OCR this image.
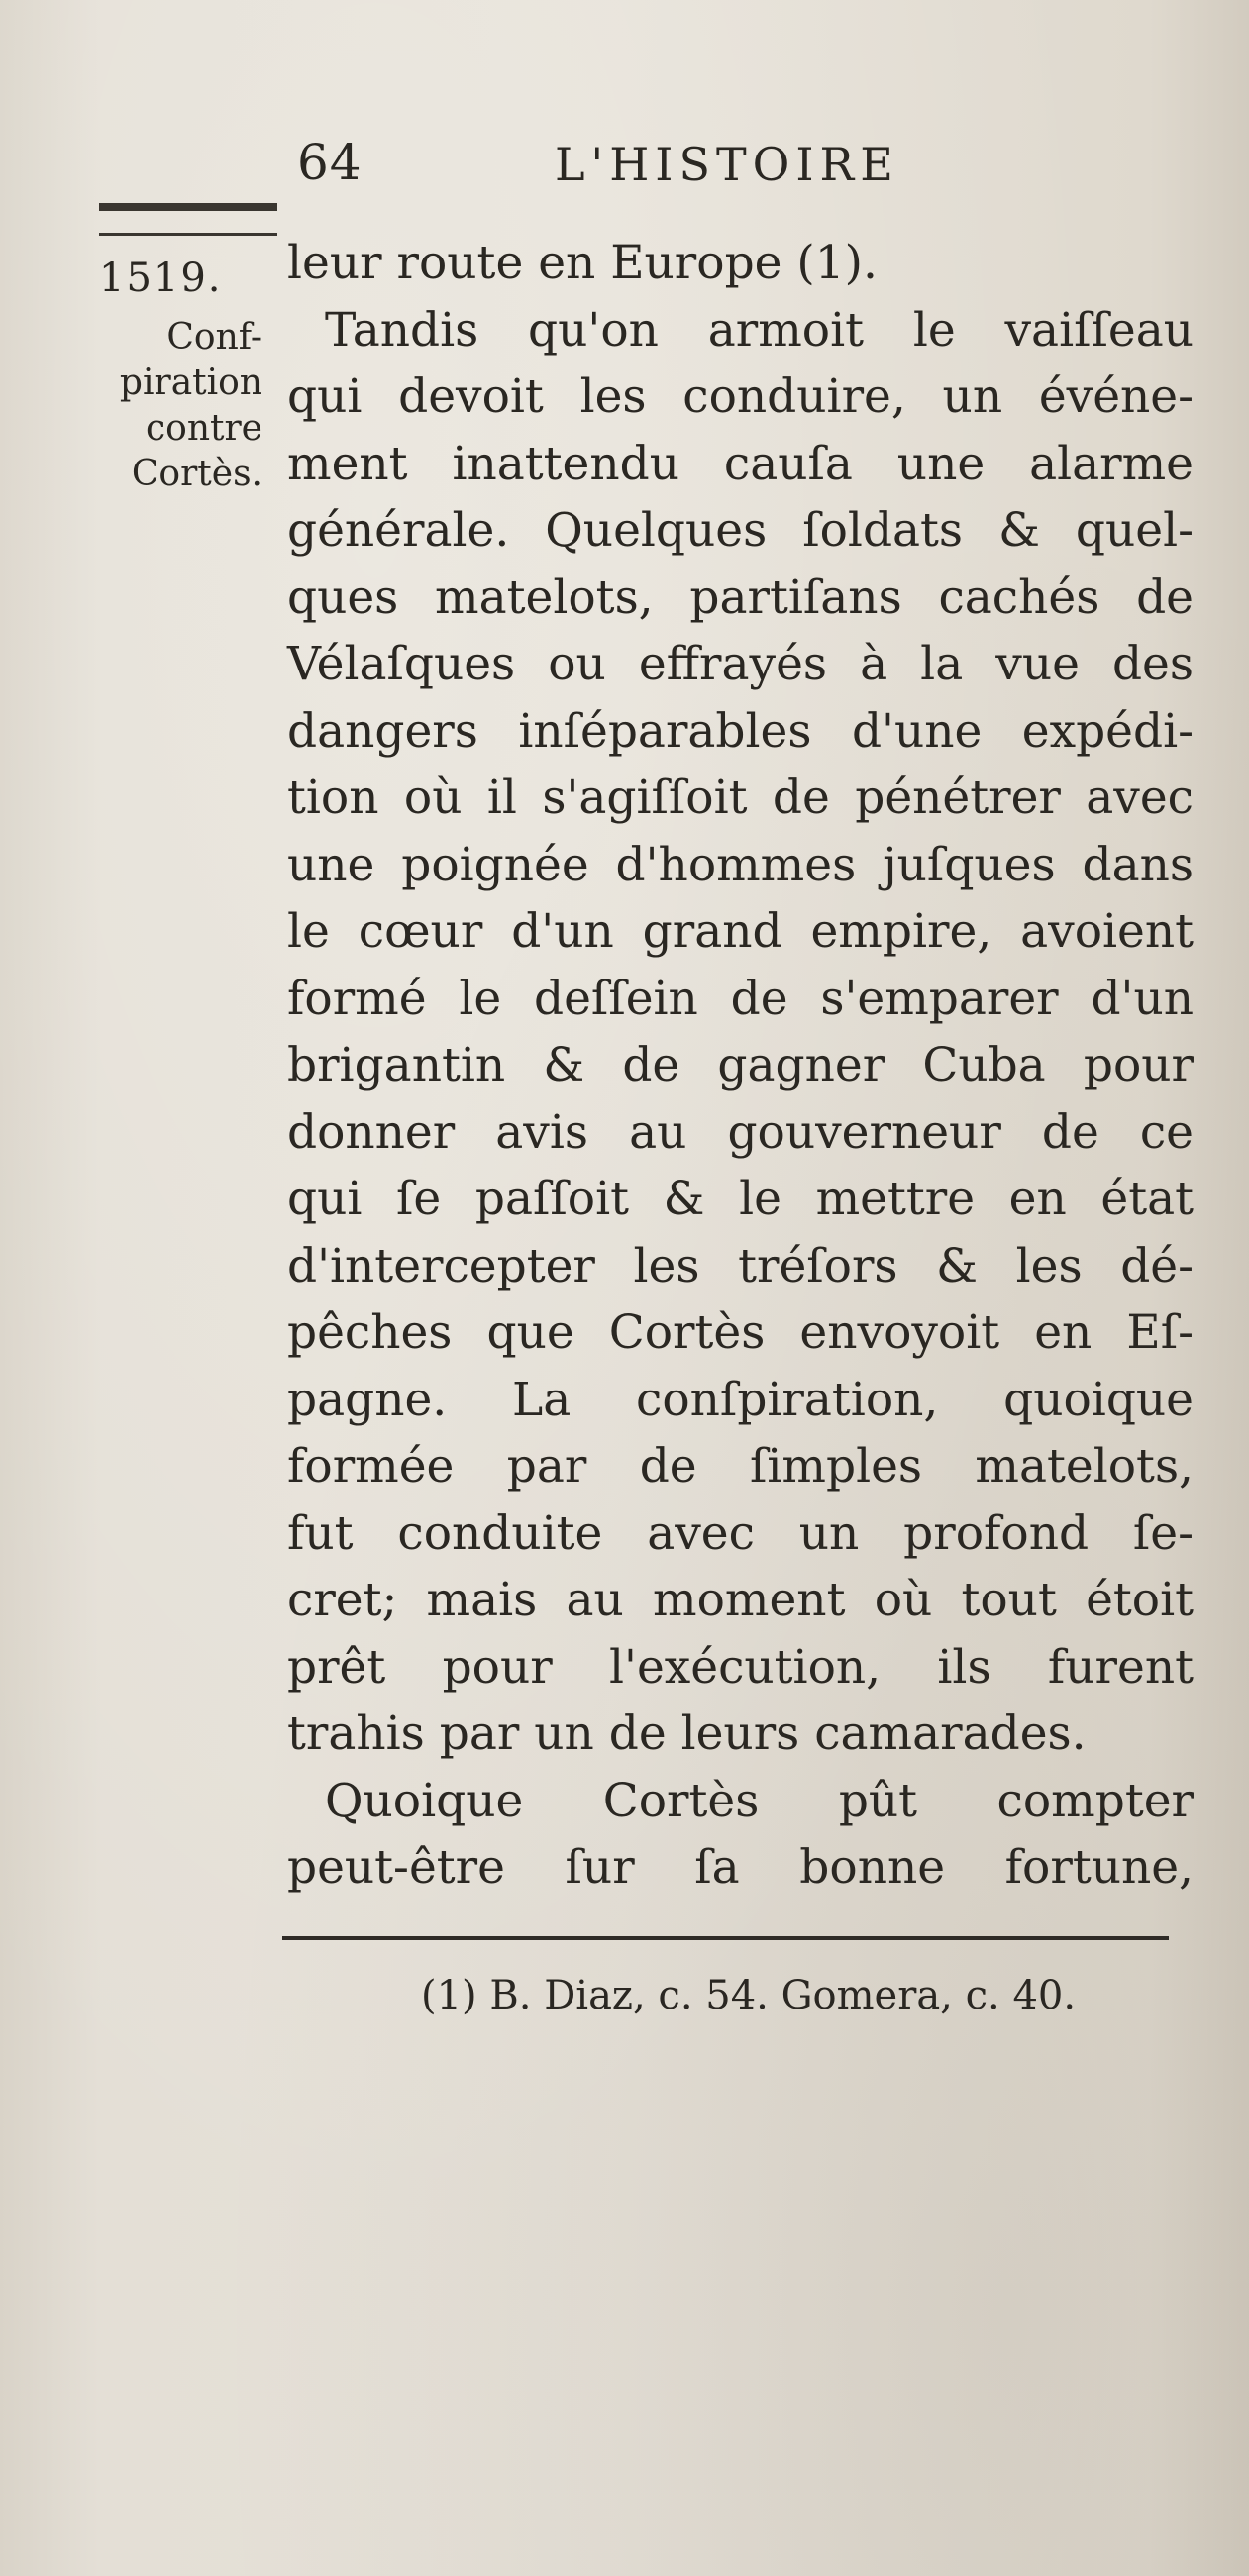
64	L'HISTOIRE
1519.
Conf-
piration
contre
Cortès.
leur route en Europe (1).
Tandis qu'on armoit le vaiſſeau
qui devoit les conduire, un événe-
ment inattendu cauſa une alarme
générale. Quelques ſoldats & quel-
ques matelots, partiſans cachés de
Vélaſques ou effrayés à la vue des
dangers inſéparables d'une expédi-
tion où il s'agiſſoit de pénétrer avec
une poignée d'hommes juſques dans
le cœur d'un grand empire, avoient
formé le deſſein de s'emparer d'un
brigantin & de gagner Cuba pour
donner avis au gouverneur de ce
qui ſe paſſoit & le mettre en état
d'intercepter les tréſors & les dé-
pêches que Cortès envoyoit en Eſ-
pagne. La conſpiration, quoique
formée par de ſimples matelots,
fut conduite avec un profond ſe-
cret; mais au moment où tout étoit
prêt pour l'exécution, ils furent
trahis par un de leurs camarades.
Quoique Cortès pût compter
peut-être ſur ſa bonne fortune,
(1) B. Diaz, c. 54. Gomera, c. 40.
